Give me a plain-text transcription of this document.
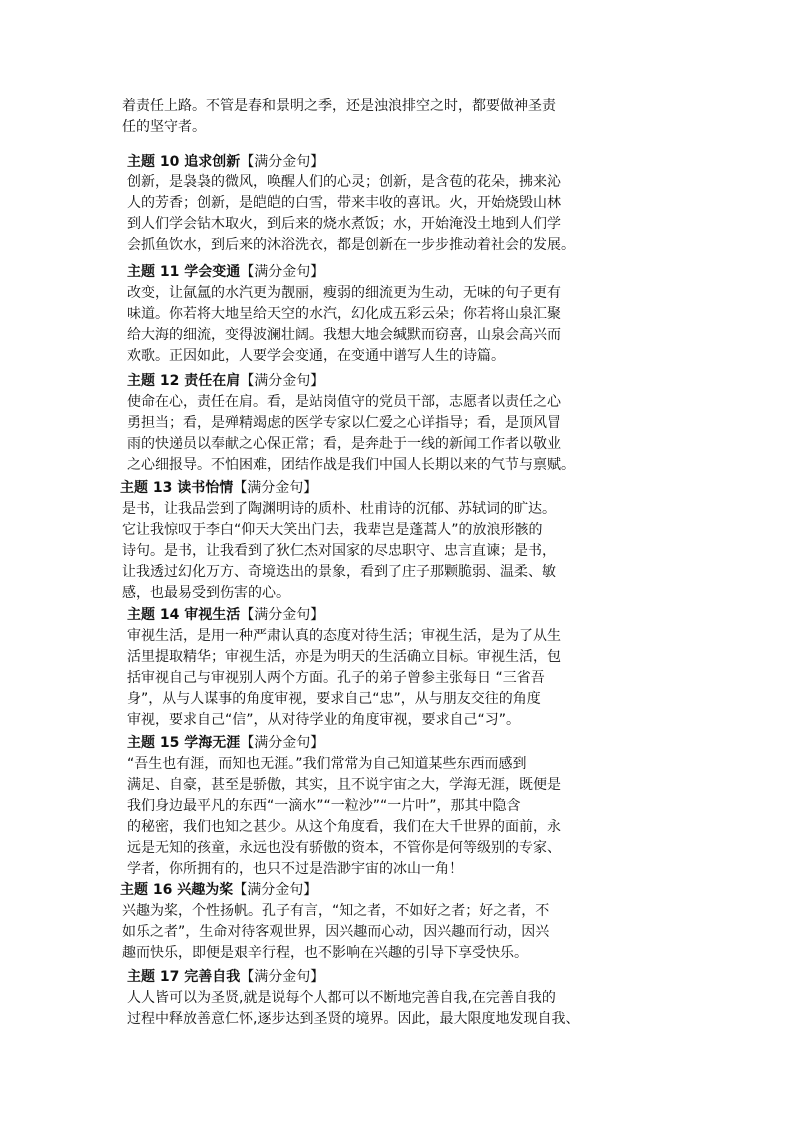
着责任上路。不管是春和景明之季，还是浊浪排空之时，都要做神圣责
任的坚守者。
主题 10 追求创新【满分金句】
创新，是袅袅的微风，唤醒人们的心灵；创新，是含苞的花朵，拂来沁
人的芳香；创新，是皑皑的白雪，带来丰收的喜讯。火，开始烧毁山林
到人们学会钻木取火，到后来的烧水煮饭；水，开始淹没土地到人们学
会抓鱼饮水，到后来的沐浴洗衣，都是创新在一步步推动着社会的发展。
主题 11 学会变通【满分金句】
改变，让氤氲的水汽更为靓丽，瘦弱的细流更为生动，无味的句子更有
味道。你若将大地呈给天空的水汽，幻化成五彩云朵；你若将山泉汇聚
给大海的细流，变得波澜壮阔。我想大地会缄默而窃喜，山泉会高兴而
欢歌。正因如此，人要学会变通，在变通中谱写人生的诗篇。
主题 12 责任在肩【满分金句】
使命在心，责任在肩。看，是站岗值守的党员干部，志愿者以责任之心
勇担当；看，是殚精竭虑的医学专家以仁爱之心详指导；看，是顶风冒
雨的快递员以奉献之心保正常；看，是奔赴于一线的新闻工作者以敬业
之心细报导。不怕困难，团结作战是我们中国人长期以来的气节与禀赋。
主题 13 读书怡情【满分金句】
是书，让我品尝到了陶渊明诗的质朴、杜甫诗的沉郁、苏轼词的旷达。
它让我惊叹于李白“仰天大笑出门去，我辈岂是蓬蒿人”的放浪形骸的
诗句。是书，让我看到了狄仁杰对国家的尽忠职守、忠言直谏；是书，
让我透过幻化万方、奇境迭出的景象，看到了庄子那颗脆弱、温柔、敏
感，也最易受到伤害的心。
主题 14 审视生活【满分金句】
审视生活，是用一种严肃认真的态度对待生活；审视生活，是为了从生
活里提取精华；审视生活，亦是为明天的生活确立目标。审视生活，包
括审视自己与审视别人两个方面。孔子的弟子曾参主张每日 “三省吾
身”，从与人谋事的角度审视，要求自己“忠”，从与朋友交往的角度
审视，要求自己“信”，从对待学业的角度审视，要求自己“习”。
主题 15 学海无涯【满分金句】
“吾生也有涯，而知也无涯。”我们常常为自己知道某些东西而感到
满足、自豪，甚至是骄傲，其实，且不说宇宙之大，学海无涯，既便是
我们身边最平凡的东西“一滴水”“一粒沙”“一片叶”，那其中隐含
的秘密，我们也知之甚少。从这个角度看，我们在大千世界的面前，永
远是无知的孩童，永远也没有骄傲的资本，不管你是何等级别的专家、
学者，你所拥有的，也只不过是浩渺宇宙的冰山一角！
主题 16 兴趣为桨【满分金句】
兴趣为桨，个性扬帆。孔子有言，“知之者，不如好之者；好之者，不
如乐之者”，生命对待客观世界，因兴趣而心动，因兴趣而行动，因兴
趣而快乐，即便是艰辛行程，也不影响在兴趣的引导下享受快乐。
主题 17 完善自我【满分金句】
人人皆可以为圣贤,就是说每个人都可以不断地完善自我,在完善自我的
过程中释放善意仁怀,逐步达到圣贤的境界。因此，最大限度地发现自我、
